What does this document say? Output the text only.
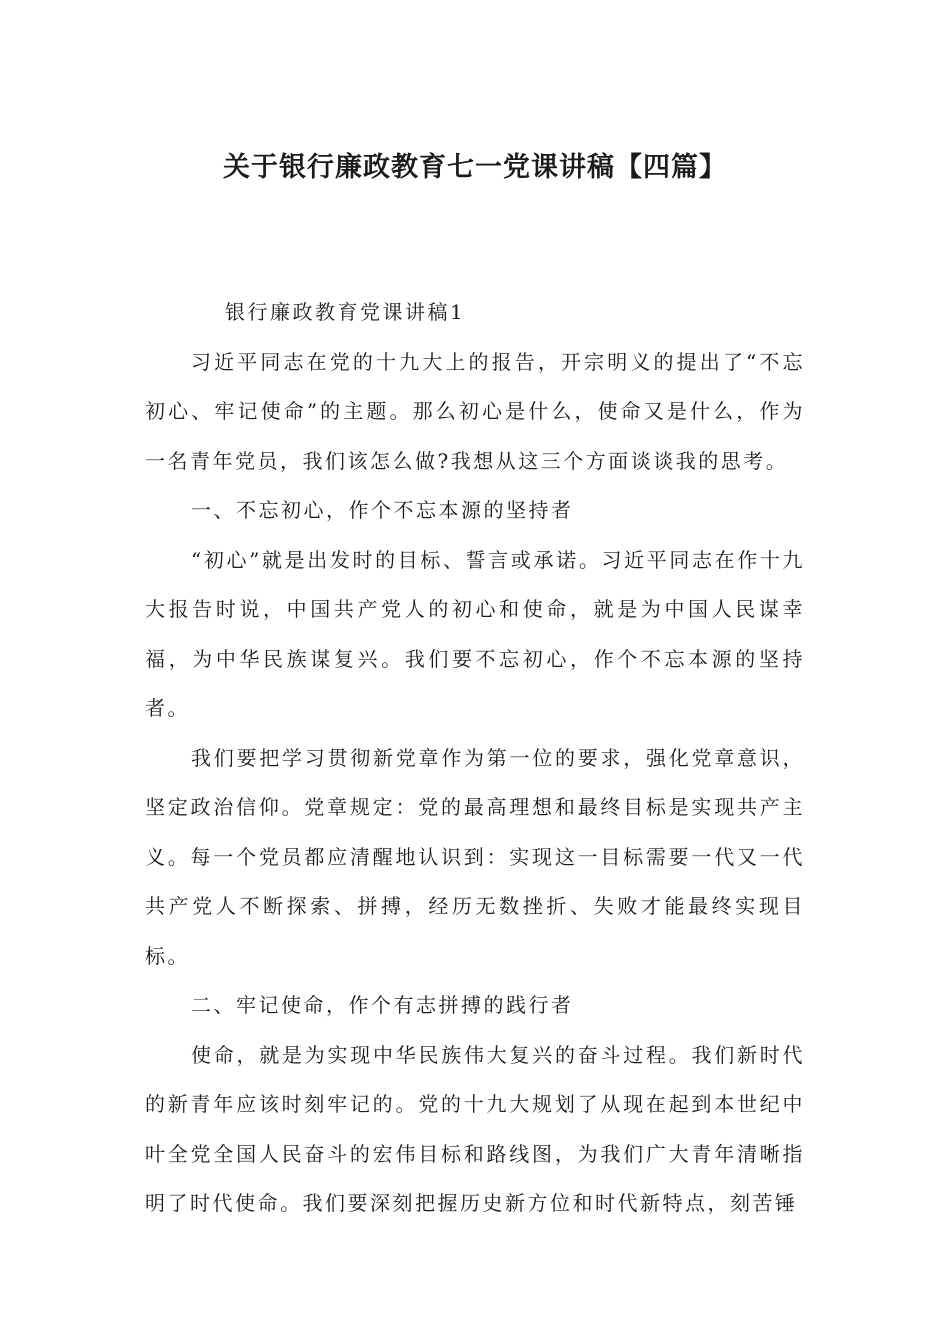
关于银行廉政教育七一党课讲稿【四篇】

银行廉政教育党课讲稿1

习近平同志在党的十九大上的报告，开宗明义的提出了“不忘初心、牢记使命”的主题。那么初心是什么，使命又是什么，作为一名青年党员，我们该怎么做?我想从这三个方面谈谈我的思考。

一、不忘初心，作个不忘本源的坚持者

“初心”就是出发时的目标、誓言或承诺。习近平同志在作十九大报告时说，中国共产党人的初心和使命，就是为中国人民谋幸福，为中华民族谋复兴。我们要不忘初心，作个不忘本源的坚持者。

我们要把学习贯彻新党章作为第一位的要求，强化党章意识，坚定政治信仰。党章规定：党的最高理想和最终目标是实现共产主义。每一个党员都应清醒地认识到：实现这一目标需要一代又一代共产党人不断探索、拼搏，经历无数挫折、失败才能最终实现目标。

二、牢记使命，作个有志拼搏的践行者

使命，就是为实现中华民族伟大复兴的奋斗过程。我们新时代的新青年应该时刻牢记的。党的十九大规划了从现在起到本世纪中叶全党全国人民奋斗的宏伟目标和路线图，为我们广大青年清晰指明了时代使命。我们要深刻把握历史新方位和时代新特点，刻苦锤
